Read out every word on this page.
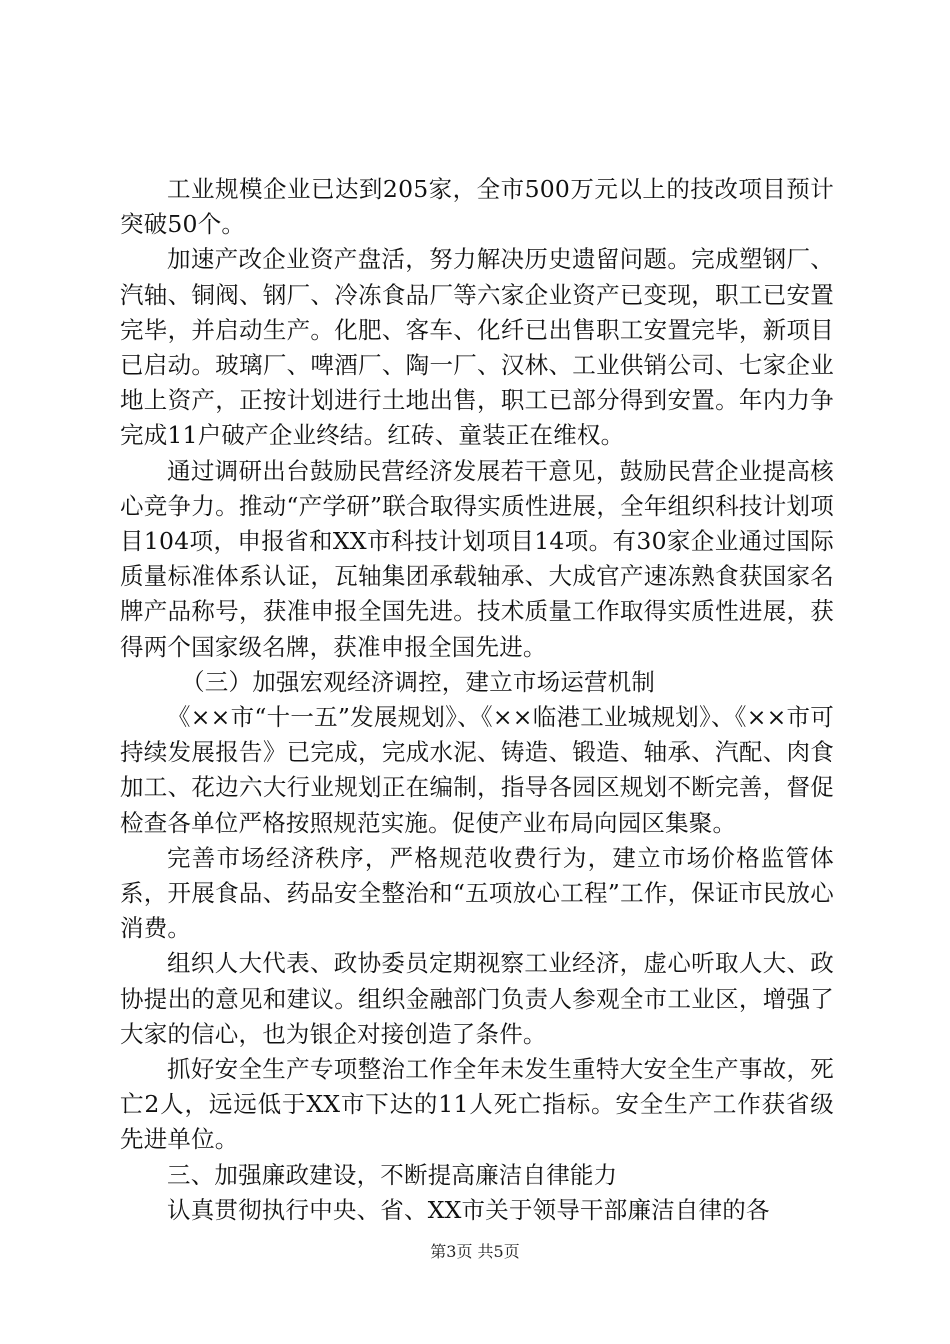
工业规模企业已达到205家，全市500万元以上的技改项目预计突破50个。

加速产改企业资产盘活，努力解决历史遗留问题。完成塑钢厂、汽轴、铜阀、钢厂、冷冻食品厂等六家企业资产已变现，职工已安置完毕，并启动生产。化肥、客车、化纤已出售职工安置完毕，新项目已启动。玻璃厂、啤酒厂、陶一厂、汉林、工业供销公司、七家企业地上资产，正按计划进行土地出售，职工已部分得到安置。年内力争完成11户破产企业终结。红砖、童装正在维权。

通过调研出台鼓励民营经济发展若干意见，鼓励民营企业提高核心竞争力。推动“产学研”联合取得实质性进展，全年组织科技计划项目104项，申报省和XX市科技计划项目14项。有30家企业通过国际质量标准体系认证，瓦轴集团承载轴承、大成官产速冻熟食获国家名牌产品称号，获准申报全国先进。技术质量工作取得实质性进展，获得两个国家级名牌，获准申报全国先进。

（三）加强宏观经济调控，建立市场运营机制

《××市“十一五”发展规划》、《××临港工业城规划》、《××市可持续发展报告》已完成，完成水泥、铸造、锻造、轴承、汽配、肉食加工、花边六大行业规划正在编制，指导各园区规划不断完善，督促检查各单位严格按照规范实施。促使产业布局向园区集聚。

完善市场经济秩序，严格规范收费行为，建立市场价格监管体系，开展食品、药品安全整治和“五项放心工程”工作，保证市民放心消费。

组织人大代表、政协委员定期视察工业经济，虚心听取人大、政协提出的意见和建议。组织金融部门负责人参观全市工业区，增强了大家的信心，也为银企对接创造了条件。

抓好安全生产专项整治工作全年未发生重特大安全生产事故，死亡2人，远远低于XX市下达的11人死亡指标。安全生产工作获省级先进单位。

三、加强廉政建设，不断提高廉洁自律能力

认真贯彻执行中央、省、XX市关于领导干部廉洁自律的各

第3页 共5页
